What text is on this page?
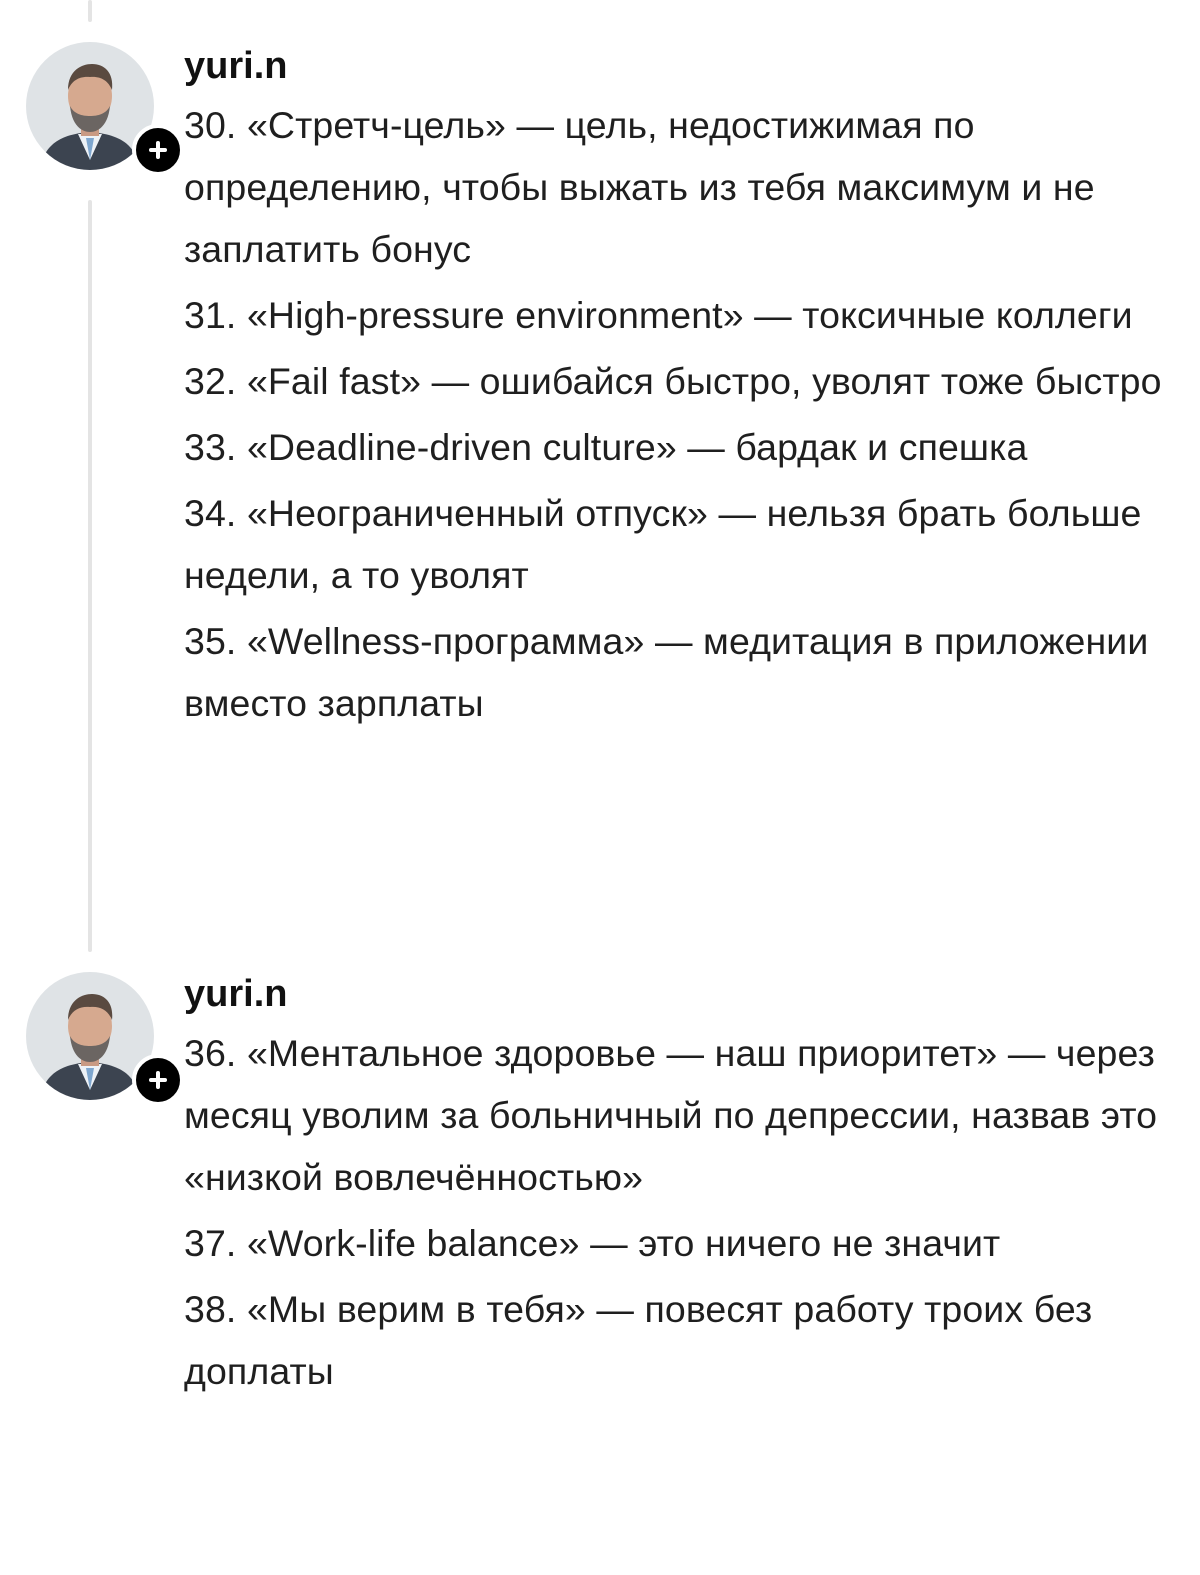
yuri.n
30. «Стретч-цель» — цель, недостижимая по определению, чтобы выжать из тебя максимум и не заплатить бонус
31. «High-pressure environment» — токсичные коллеги
32. «Fail fast» — ошибайся быстро, уволят тоже быстро
33. «Deadline-driven culture» — бардак и спешка
34. «Неограниченный отпуск» — нельзя брать больше недели, а то уволят
35. «Wellness-программа» — медитация в приложении вместо зарплаты
yuri.n
36. «Ментальное здоровье — наш приоритет» — через месяц уволим за больничный по депрессии, назвав это «низкой вовлечённостью»
37. «Work-life balance» — это ничего не значит
38. «Мы верим в тебя» — повесят работу троих без доплаты
